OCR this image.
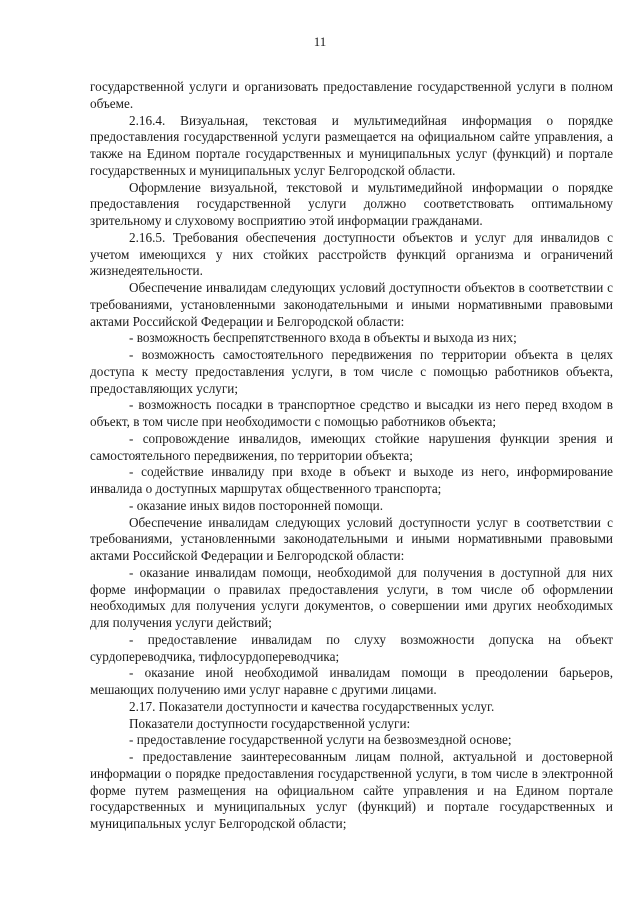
11

государственной услуги и организовать предоставление государственной услуги в полном объеме.

2.16.4. Визуальная, текстовая и мультимедийная информация о порядке предоставления государственной услуги размещается на официальном сайте управления, а также на Едином портале государственных и муниципальных услуг (функций) и порталe государственных и муниципальных услуг Белгородской области.

Оформление визуальной, текстовой и мультимедийной информации о порядке предоставления государственной услуги должно соответствовать оптимальному зрительному и слуховому восприятию этой информации гражданами.

2.16.5. Требования обеспечения доступности объектов и услуг для инвалидов с учетом имеющихся у них стойких расстройств функций организма и ограничений жизнедеятельности.

Обеспечение инвалидам следующих условий доступности объектов в соответствии с требованиями, установленными законодательными и иными нормативными правовыми актами Российской Федерации и Белгородской области:

- возможность беспрепятственного входа в объекты и выхода из них;

- возможность самостоятельного передвижения по территории объекта в целях доступа к месту предоставления услуги, в том числе с помощью работников объекта, предоставляющих услуги;

- возможность посадки в транспортное средство и высадки из него перед входом в объект, в том числе при необходимости с помощью работников объекта;

- сопровождение инвалидов, имеющих стойкие нарушения функции зрения и самостоятельного передвижения, по территории объекта;

- содействие инвалиду при входе в объект и выходе из него, информирование инвалида о доступных маршрутах общественного транспорта;

- оказание иных видов посторонней помощи.

Обеспечение инвалидам следующих условий доступности услуг в соответствии с требованиями, установленными законодательными и иными нормативными правовыми актами Российской Федерации и Белгородской области:

- оказание инвалидам помощи, необходимой для получения в доступной для них форме информации о правилах предоставления услуги, в том числе об оформлении необходимых для получения услуги документов, о совершении ими других необходимых для получения услуги действий;

- предоставление инвалидам по слуху возможности допуска на объект сурдопереводчика, тифлосурдопереводчика;

- оказание иной необходимой инвалидам помощи в преодолении барьеров, мешающих получению ими услуг наравне с другими лицами.

2.17. Показатели доступности и качества государственных услуг.

Показатели доступности государственной услуги:

- предоставление государственной услуги на безвозмездной основе;

- предоставление заинтересованным лицам полной, актуальной и достоверной информации о порядке предоставления государственной услуги, в том числе в электронной форме путем размещения на официальном сайте управления и на Едином портале государственных и муниципальных услуг (функций) и портале государственных и муниципальных услуг Белгородской области;
